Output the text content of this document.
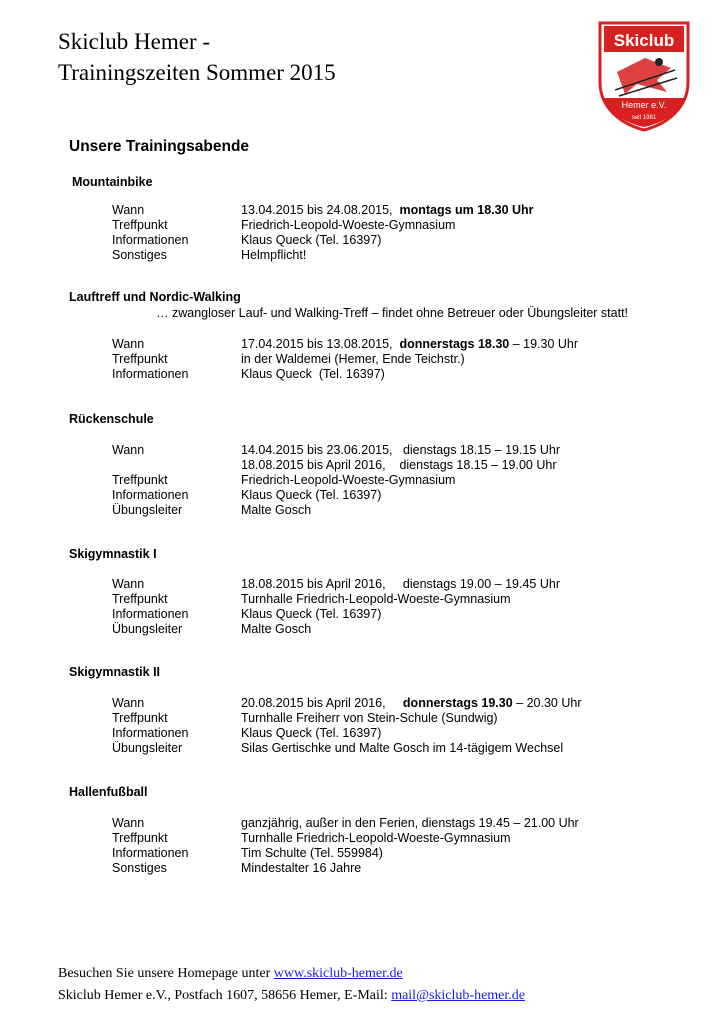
Skiclub Hemer -
Trainingszeiten Sommer 2015
Skiclub
Hemer e.V.
seit 1981
Unsere Trainingsabende
Mountainbike
Wann	13.04.2015 bis 24.08.2015,  montags um 18.30 Uhr
Treffpunkt	Friedrich-Leopold-Woeste-Gymnasium
Informationen	Klaus Queck (Tel. 16397)
Sonstiges	Helmpflicht!
Lauftreff und Nordic-Walking
… zwangloser Lauf- und Walking-Treff – findet ohne Betreuer oder Übungsleiter statt!
Wann	17.04.2015 bis 13.08.2015,  donnerstags 18.30 – 19.30 Uhr
Treffpunkt	in der Waldemei (Hemer, Ende Teichstr.)
Informationen	Klaus Queck  (Tel. 16397)
Rückenschule
Wann	14.04.2015 bis 23.06.2015,   dienstags 18.15 – 19.15 Uhr
18.08.2015 bis April 2016,    dienstags 18.15 – 19.00 Uhr
Treffpunkt	Friedrich-Leopold-Woeste-Gymnasium
Informationen	Klaus Queck (Tel. 16397)
Übungsleiter	Malte Gosch
Skigymnastik I
Wann	18.08.2015 bis April 2016,     dienstags 19.00 – 19.45 Uhr
Treffpunkt	Turnhalle Friedrich-Leopold-Woeste-Gymnasium
Informationen	Klaus Queck (Tel. 16397)
Übungsleiter	Malte Gosch
Skigymnastik II
Wann	20.08.2015 bis April 2016,     donnerstags 19.30 – 20.30 Uhr
Treffpunkt	Turnhalle Freiherr von Stein-Schule (Sundwig)
Informationen	Klaus Queck (Tel. 16397)
Übungsleiter	Silas Gertischke und Malte Gosch im 14-tägigem Wechsel
Hallenfußball
Wann	ganzjährig, außer in den Ferien, dienstags 19.45 – 21.00 Uhr
Treffpunkt	Turnhalle Friedrich-Leopold-Woeste-Gymnasium
Informationen	Tim Schulte (Tel. 559984)
Sonstiges	Mindestalter 16 Jahre
Besuchen Sie unsere Homepage unter www.skiclub-hemer.de
Skiclub Hemer e.V., Postfach 1607, 58656 Hemer, E-Mail: mail@skiclub-hemer.de
